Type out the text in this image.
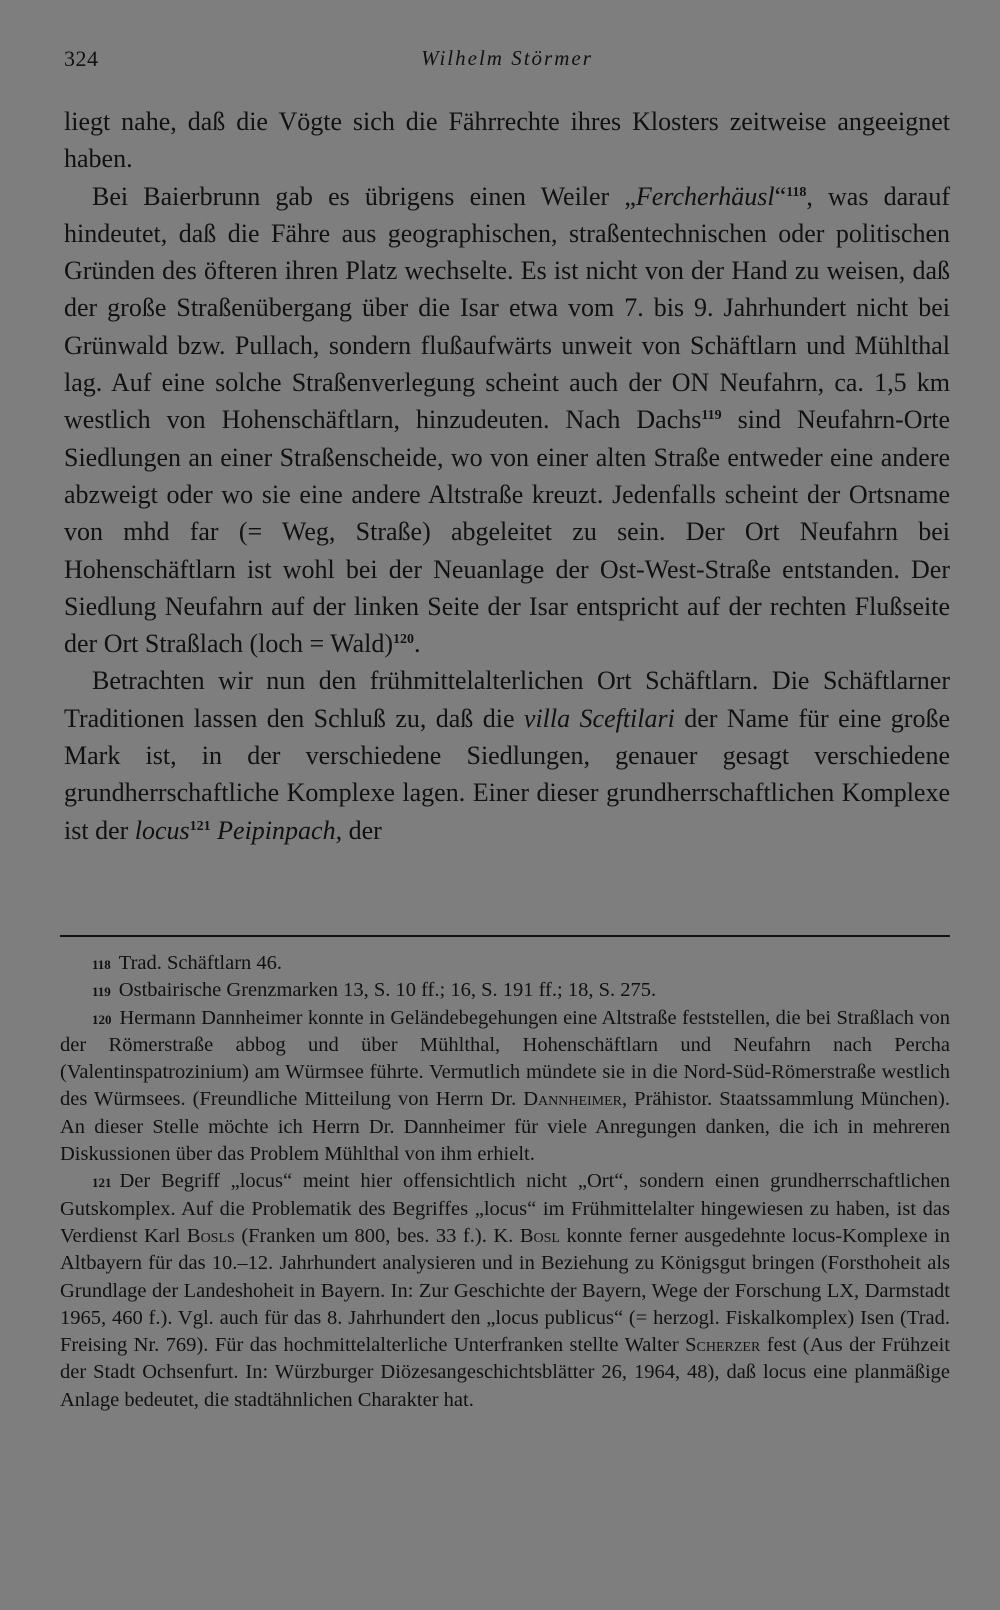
324	Wilhelm Störmer

liegt nahe, daß die Vögte sich die Fährrechte ihres Klosters zeitweise angeeignet haben.

Bei Baierbrunn gab es übrigens einen Weiler „Fercherhäusl“$^{118}$, was darauf hindeutet, daß die Fähre aus geographischen, straßentechnischen oder politischen Gründen des öfteren ihren Platz wechselte. Es ist nicht von der Hand zu weisen, daß der große Straßenübergang über die Isar etwa vom 7. bis 9. Jahrhundert nicht bei Grünwald bzw. Pullach, sondern flußaufwärts unweit von Schäftlarn und Mühlthal lag. Auf eine solche Straßenverlegung scheint auch der ON Neufahrn, ca. 1,5 km westlich von Hohenschäftlarn, hinzudeuten. Nach Dachs$^{119}$ sind Neufahrn-Orte Siedlungen an einer Straßenscheide, wo von einer alten Straße entweder eine andere abzweigt oder wo sie eine andere Altstraße kreuzt. Jedenfalls scheint der Ortsname von mhd far (= Weg, Straße) abgeleitet zu sein. Der Ort Neufahrn bei Hohenschäftlarn ist wohl bei der Neuanlage der Ost-West-Straße entstanden. Der Siedlung Neufahrn auf der linken Seite der Isar entspricht auf der rechten Flußseite der Ort Straßlach (loch = Wald)$^{120}$.

Betrachten wir nun den frühmittelalterlichen Ort Schäftlarn. Die Schäftlarner Traditionen lassen den Schluß zu, daß die villa Sceftilari der Name für eine große Mark ist, in der verschiedene Siedlungen, genauer gesagt verschiedene grundherrschaftliche Komplexe lagen. Einer dieser grundherrschaftlichen Komplexe ist der locus$^{121}$ Peipinpach, der

$^{118}$ Trad. Schäftlarn 46.

$^{119}$ Ostbairische Grenzmarken 13, S. 10 ff.; 16, S. 191 ff.; 18, S. 275.

$^{120}$ Hermann Dannheimer konnte in Geländebegehungen eine Altstraße feststellen, die bei Straßlach von der Römerstraße abbog und über Mühlthal, Hohenschäftlarn und Neufahrn nach Percha (Valentinspatrozinium) am Würmsee führte. Vermutlich mündete sie in die Nord-Süd-Römerstraße westlich des Würmsees. (Freundliche Mitteilung von Herrn Dr. Dannheimer, Prähistor. Staatssammlung München). An dieser Stelle möchte ich Herrn Dr. Dannheimer für viele Anregungen danken, die ich in mehreren Diskussionen über das Problem Mühlthal von ihm erhielt.

$^{121}$ Der Begriff „locus“ meint hier offensichtlich nicht „Ort“, sondern einen grundherrschaftlichen Gutskomplex. Auf die Problematik des Begriffes „locus“ im Frühmittelalter hingewiesen zu haben, ist das Verdienst Karl Bosls (Franken um 800, bes. 33 f.). K. Bosl konnte ferner ausgedehnte locus-Komplexe in Altbayern für das 10.–12. Jahrhundert analysieren und in Beziehung zu Königsgut bringen (Forsthoheit als Grundlage der Landeshoheit in Bayern. In: Zur Geschichte der Bayern, Wege der Forschung LX, Darmstadt 1965, 460 f.). Vgl. auch für das 8. Jahrhundert den „locus publicus“ (= herzogl. Fiskalkomplex) Isen (Trad. Freising Nr. 769). Für das hochmittelalterliche Unterfranken stellte Walter Scherzer fest (Aus der Frühzeit der Stadt Ochsenfurt. In: Würzburger Diözesangeschichtsblätter 26, 1964, 48), daß locus eine planmäßige Anlage bedeutet, die stadtähnlichen Charakter hat.
